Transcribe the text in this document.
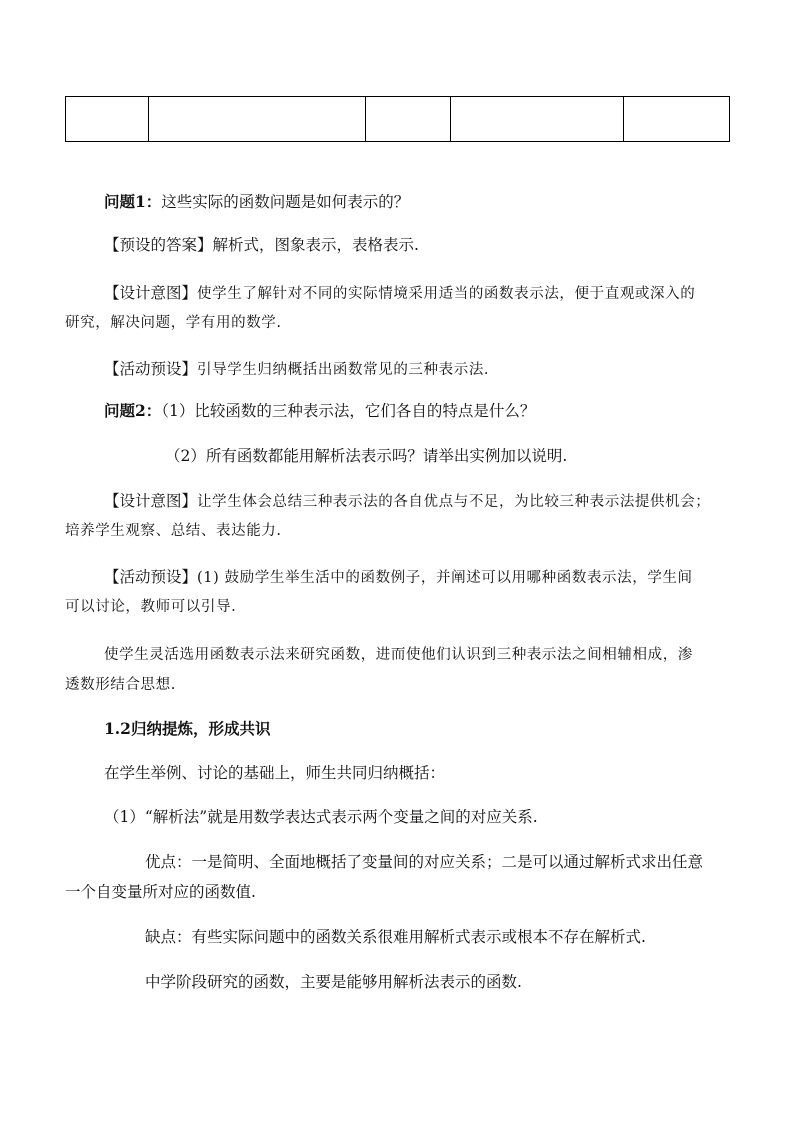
问题1：这些实际的函数问题是如何表示的？
【预设的答案】解析式，图象表示，表格表示.
【设计意图】使学生了解针对不同的实际情境采用适当的函数表示法，便于直观或深入的
研究，解决问题，学有用的数学.
【活动预设】引导学生归纳概括出函数常见的三种表示法.
问题2：（1）比较函数的三种表示法，它们各自的特点是什么？
（2）所有函数都能用解析法表示吗？请举出实例加以说明.
【设计意图】让学生体会总结三种表示法的各自优点与不足，为比较三种表示法提供机会；
培养学生观察、总结、表达能力.
【活动预设】(1) 鼓励学生举生活中的函数例子，并阐述可以用哪种函数表示法，学生间
可以讨论，教师可以引导.
使学生灵活选用函数表示法来研究函数，进而使他们认识到三种表示法之间相辅相成，渗
透数形结合思想.
1.2归纳提炼，形成共识
在学生举例、讨论的基础上，师生共同归纳概括：
（1）“解析法”就是用数学表达式表示两个变量之间的对应关系.
优点：一是简明、全面地概括了变量间的对应关系；二是可以通过解析式求出任意
一个自变量所对应的函数值.
缺点：有些实际问题中的函数关系很难用解析式表示或根本不存在解析式.
中学阶段研究的函数，主要是能够用解析法表示的函数.
